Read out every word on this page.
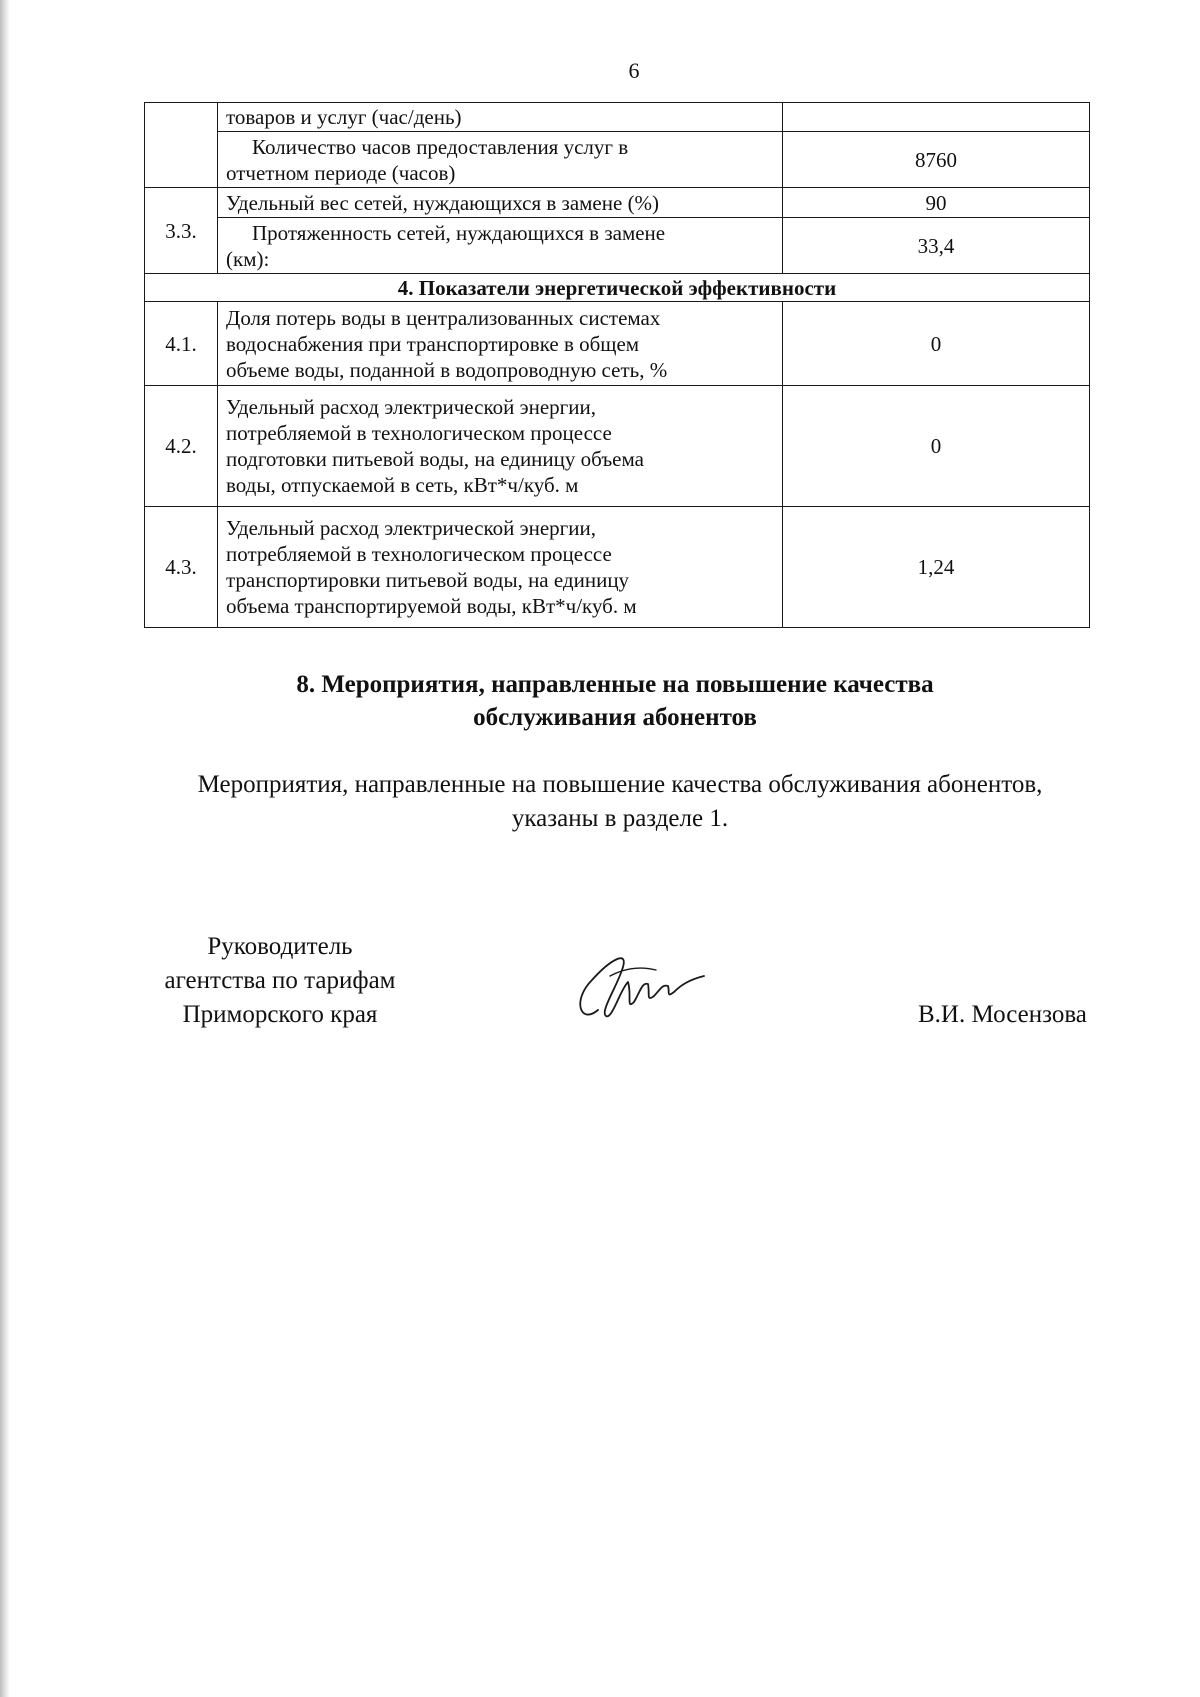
6
	товаров и услуг (час/день)	

	Количество часов предоставления услуг в
отчетном периоде (часов)	8760
3.3.	Удельный вес сетей, нуждающихся в замене (%)	90

	Протяженность сетей, нуждающихся в замене
(км):	33,4
4. Показатели энергетической эффективности		
4.1.	Доля потерь воды в централизованных системах
водоснабжения при транспортировке в общем
объеме воды, поданной в водопроводную сеть, %	0
4.2.	Удельный расход электрической энергии,
потребляемой в технологическом процессе
подготовки питьевой воды, на единицу объема
воды, отпускаемой в сеть, кВт*ч/куб. м	0
4.3.	Удельный расход электрической энергии,
потребляемой в технологическом процессе
транспортировки питьевой воды, на единицу
объема транспортируемой воды, кВт*ч/куб. м	1,24
8. Мероприятия, направленные на повышение качества
обслуживания абонентов
Мероприятия, направленные на повышение качества обслуживания абонентов,
указаны в разделе 1.
Руководитель
агентства по тарифам
Приморского края	В.И. Мосензова
